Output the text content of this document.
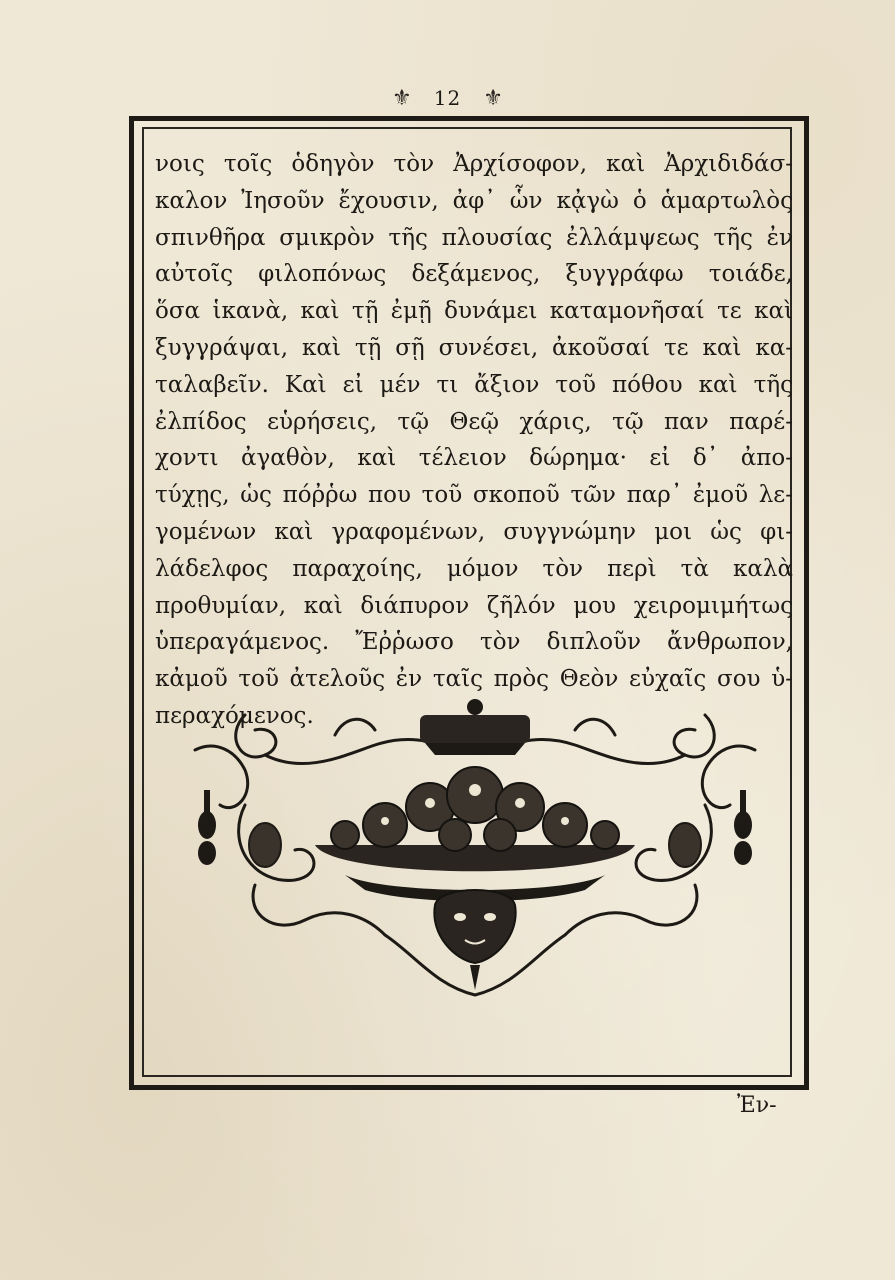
⚜ 12 ⚜
νοις τοῖς ὁδηγὸν τὸν Ἀρχίσοφον, καὶ Ἀρχιδιδάσ-
καλον Ἰησοῦν ἔχουσιν, ἀφ᾽ ὧν κᾀγὼ ὁ ἁμαρτωλὸς
σπινθῆρα σμικρὸν τῆς πλουσίας ἐλλάμψεως τῆς ἐν
αὐτοῖς φιλοπόνως δεξάμενος, ξυγγράφω τοιάδε,
ὅσα ἱκανὰ, καὶ τῇ ἐμῇ δυνάμει καταμονῆσαί τε καὶ
ξυγγράψαι, καὶ τῇ σῇ συνέσει, ἀκοῦσαί τε καὶ κα-
ταλαβεῖν. Καὶ εἰ μέν τι ἄξιον τοῦ πόθου καὶ τῆς
ἐλπίδος εὑρήσεις, τῷ Θεῷ χάρις, τῷ παν παρέ-
χοντι ἀγαθὸν, καὶ τέλειον δώρημα· εἰ δ᾽ ἀπο-
τύχῃς, ὡς πόῤῥω που τοῦ σκοποῦ τῶν παρ᾽ ἐμοῦ λε-
γομένων καὶ γραφομένων, συγγνώμην μοι ὡς φι-
λάδελφος παραχοίης, μόμον τὸν περὶ τὰ καλὰ
προθυμίαν, καὶ διάπυρον ζῆλόν μου χειρομιμήτως
ὑπεραγάμενος. Ἔῤῥωσο τὸν διπλοῦν ἄνθρωπον,
κἀμοῦ τοῦ ἀτελοῦς ἐν ταῖς πρὸς Θεὸν εὐχαῖς σου ὑ-
περαχόμενος.
Ἐν-
